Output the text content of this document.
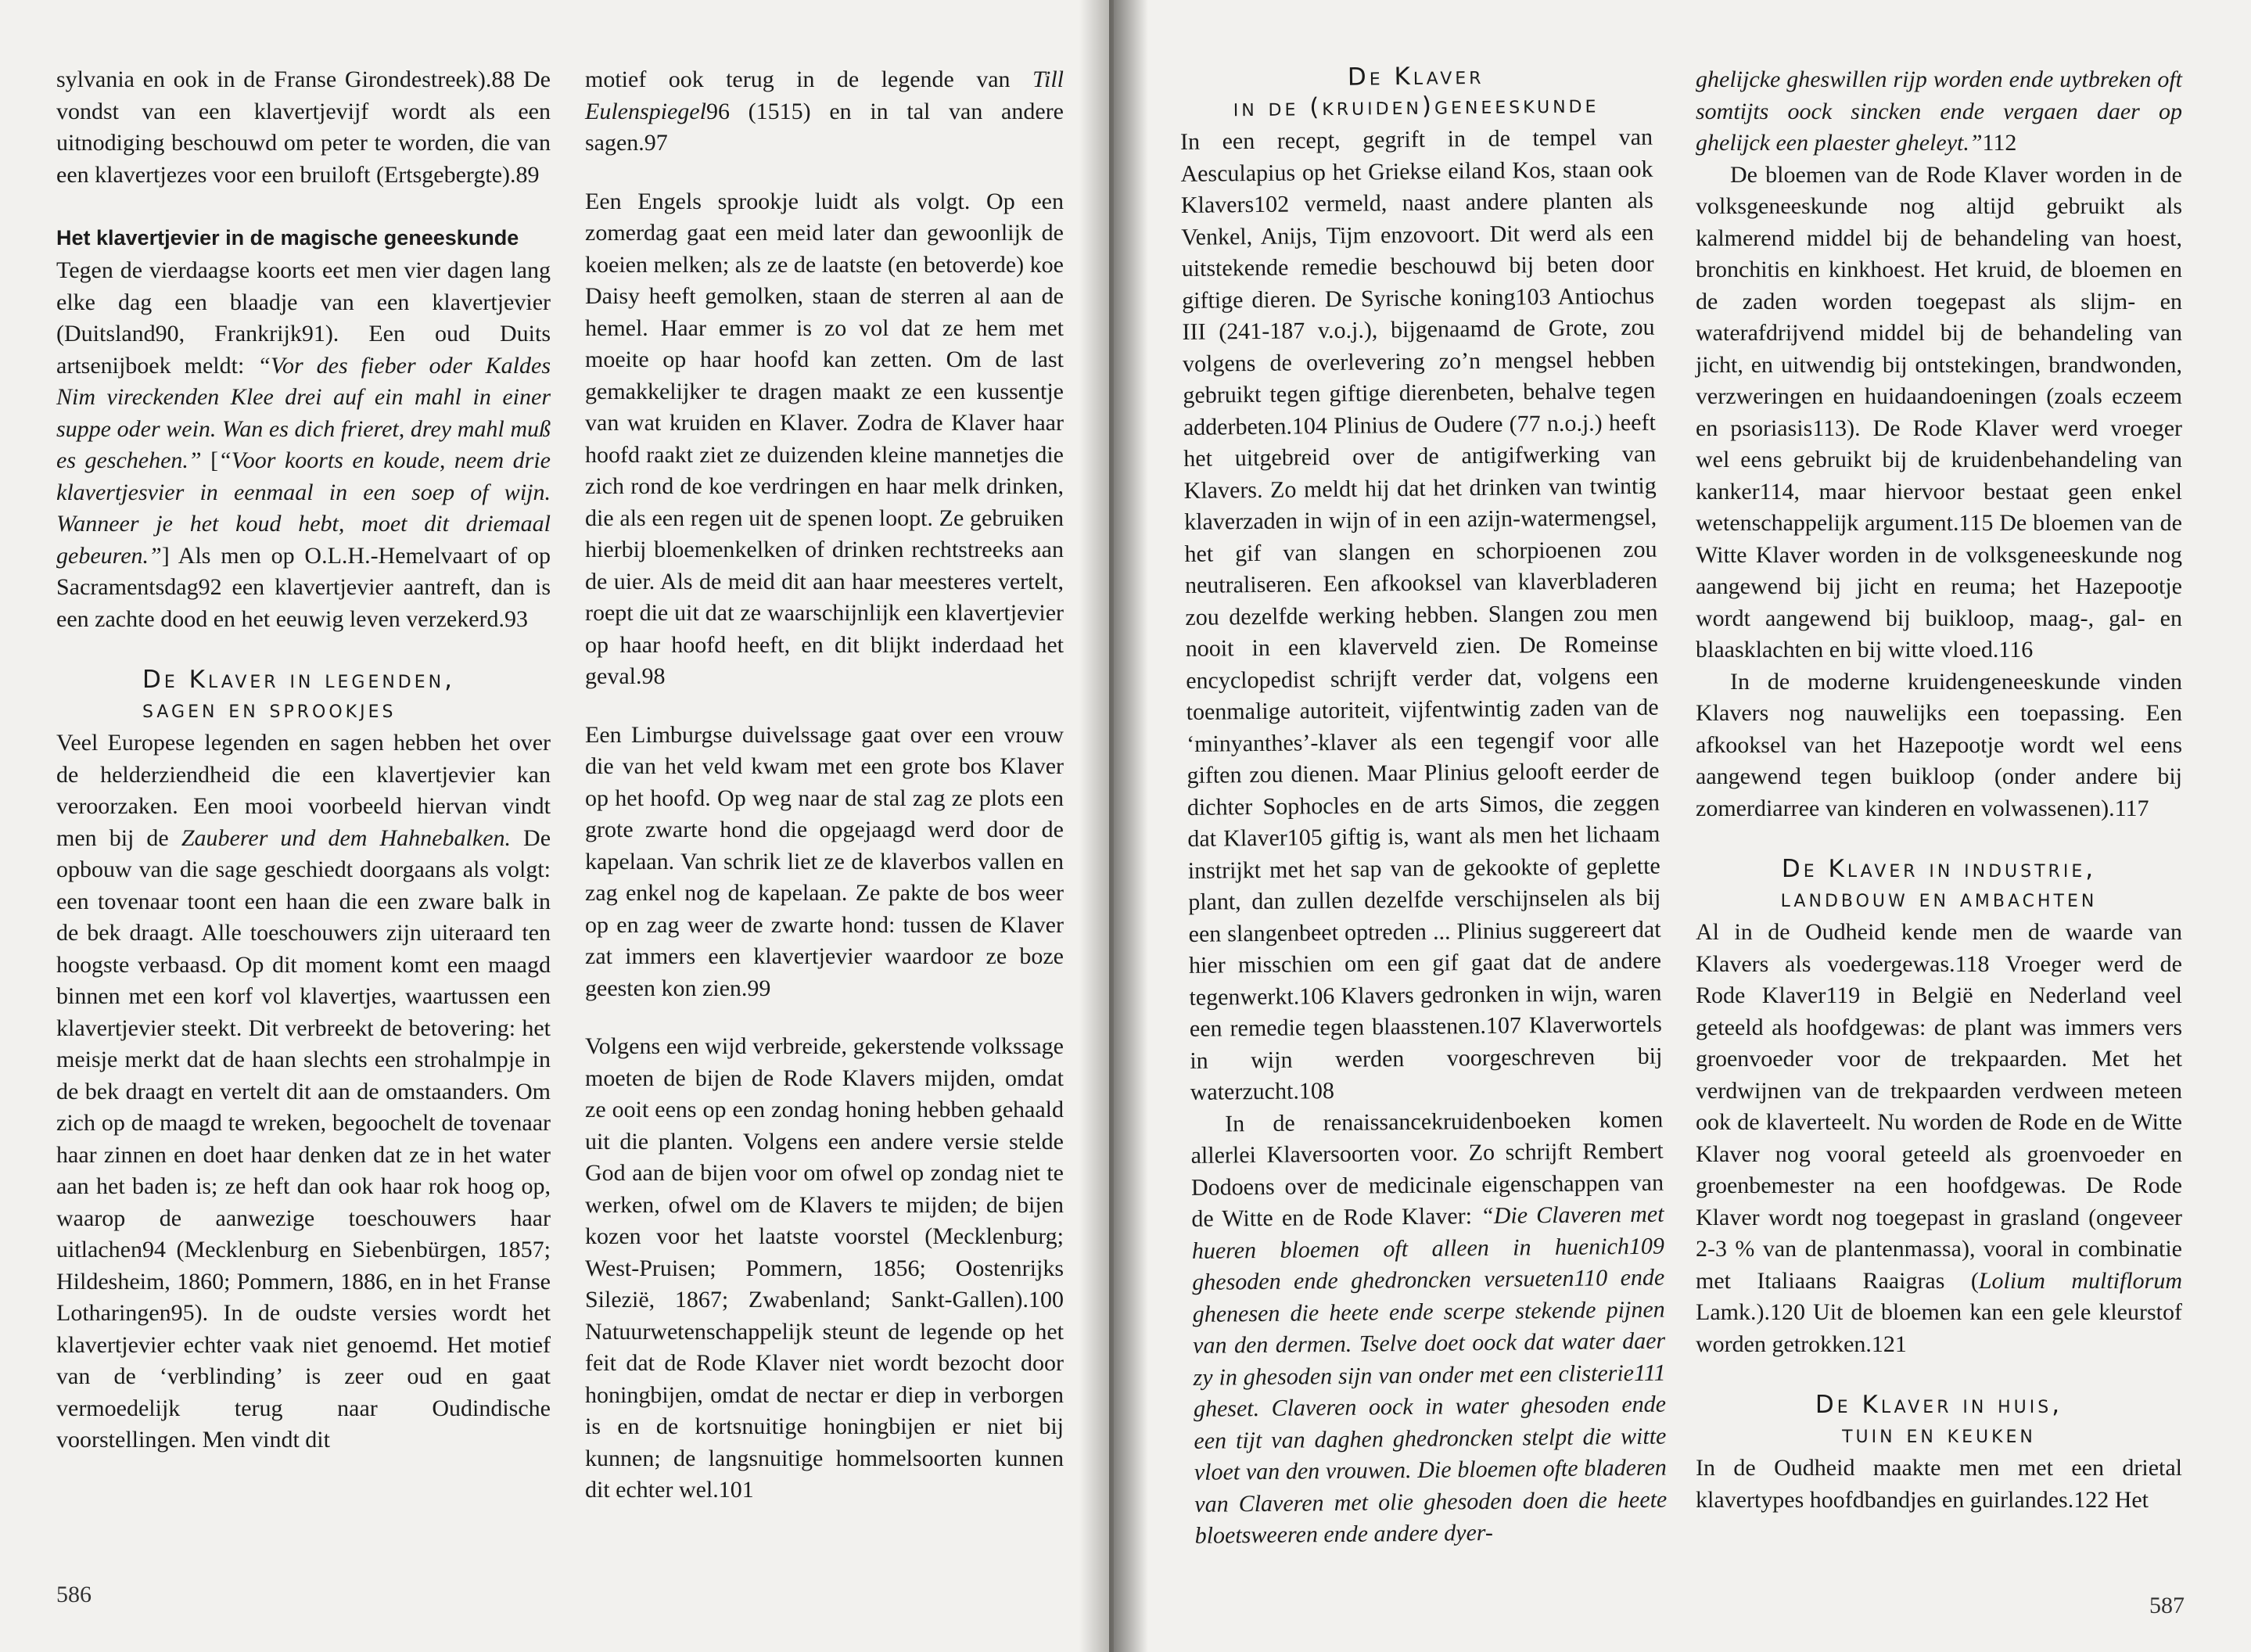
sylvania en ook in de Franse Girondestreek).88 De vondst van een klavertjevijf wordt als een uitnodiging beschouwd om peter te worden, die van een klavertjezes voor een bruiloft (Ertsgebergte).89

Het klavertjevier in de magische geneeskunde

Tegen de vierdaagse koorts eet men vier dagen lang elke dag een blaadje van een klavertjevier (Duitsland90, Frankrijk91). Een oud Duits artsenijboek meldt: “Vor des fieber oder Kaldes Nim vireckenden Klee drei auf ein mahl in einer suppe oder wein. Wan es dich frieret, drey mahl muß es geschehen.” [“Voor koorts en koude, neem drie klavertjesvier in eenmaal in een soep of wijn. Wanneer je het koud hebt, moet dit driemaal gebeuren.”] Als men op O.L.H.-Hemelvaart of op Sacramentsdag92 een klavertjevier aantreft, dan is een zachte dood en het eeuwig leven verzekerd.93

De Klaver in legenden,
sagen en sprookjes

Veel Europese legenden en sagen hebben het over de helderziendheid die een klavertjevier kan veroorzaken. Een mooi voorbeeld hiervan vindt men bij de Zauberer und dem Hahnebalken. De opbouw van die sage geschiedt doorgaans als volgt: een tovenaar toont een haan die een zware balk in de bek draagt. Alle toeschouwers zijn uiteraard ten hoogste verbaasd. Op dit moment komt een maagd binnen met een korf vol klavertjes, waartussen een klavertjevier steekt. Dit verbreekt de betovering: het meisje merkt dat de haan slechts een strohalmpje in de bek draagt en vertelt dit aan de omstaanders. Om zich op de maagd te wreken, begoochelt de tovenaar haar zinnen en doet haar denken dat ze in het water aan het baden is; ze heft dan ook haar rok hoog op, waarop de aanwezige toeschouwers haar uitlachen94 (Mecklenburg en Siebenbürgen, 1857; Hildesheim, 1860; Pommern, 1886, en in het Franse Lotharingen95). In de oudste versies wordt het klavertjevier echter vaak niet genoemd. Het motief van de ‘verblinding’ is zeer oud en gaat vermoedelijk terug naar Oudindische voorstellingen. Men vindt dit

motief ook terug in de legende van Till Eulenspiegel96 (1515) en in tal van andere sagen.97

Een Engels sprookje luidt als volgt. Op een zomerdag gaat een meid later dan gewoonlijk de koeien melken; als ze de laatste (en betoverde) koe Daisy heeft gemolken, staan de sterren al aan de hemel. Haar emmer is zo vol dat ze hem met moeite op haar hoofd kan zetten. Om de last gemakkelijker te dragen maakt ze een kussentje van wat kruiden en Klaver. Zodra de Klaver haar hoofd raakt ziet ze duizenden kleine mannetjes die zich rond de koe verdringen en haar melk drinken, die als een regen uit de spenen loopt. Ze gebruiken hierbij bloemenkelken of drinken rechtstreeks aan de uier. Als de meid dit aan haar meesteres vertelt, roept die uit dat ze waarschijnlijk een klavertjevier op haar hoofd heeft, en dit blijkt inderdaad het geval.98

Een Limburgse duivelssage gaat over een vrouw die van het veld kwam met een grote bos Klaver op het hoofd. Op weg naar de stal zag ze plots een grote zwarte hond die opgejaagd werd door de kapelaan. Van schrik liet ze de klaverbos vallen en zag enkel nog de kapelaan. Ze pakte de bos weer op en zag weer de zwarte hond: tussen de Klaver zat immers een klavertjevier waardoor ze boze geesten kon zien.99

Volgens een wijd verbreide, gekerstende volkssage moeten de bijen de Rode Klavers mijden, omdat ze ooit eens op een zondag honing hebben gehaald uit die planten. Volgens een andere versie stelde God aan de bijen voor om ofwel op zondag niet te werken, ofwel om de Klavers te mijden; de bijen kozen voor het laatste voorstel (Mecklenburg; West-Pruisen; Pommern, 1856; Oostenrijks Silezië, 1867; Zwabenland; Sankt-Gallen).100 Natuurwetenschappelijk steunt de legende op het feit dat de Rode Klaver niet wordt bezocht door honingbijen, omdat de nectar er diep in verborgen is en de kortsnuitige honingbijen er niet bij kunnen; de langsnuitige hommelsoorten kunnen dit echter wel.101

586
De Klaver
in de (kruiden)geneeskunde

In een recept, gegrift in de tempel van Aesculapius op het Griekse eiland Kos, staan ook Klavers102 vermeld, naast andere planten als Venkel, Anijs, Tijm enzovoort. Dit werd als een uitstekende remedie beschouwd bij beten door giftige dieren. De Syrische koning103 Antiochus III (241-187 v.o.j.), bijgenaamd de Grote, zou volgens de overlevering zo’n mengsel hebben gebruikt tegen giftige dierenbeten, behalve tegen adderbeten.104 Plinius de Oudere (77 n.o.j.) heeft het uitgebreid over de antigifwerking van Klavers. Zo meldt hij dat het drinken van twintig klaverzaden in wijn of in een azijn-watermengsel, het gif van slangen en schorpioenen zou neutraliseren. Een afkooksel van klaverbladeren zou dezelfde werking hebben. Slangen zou men nooit in een klaverveld zien. De Romeinse encyclopedist schrijft verder dat, volgens een toenmalige autoriteit, vijfentwintig zaden van de ‘minyanthes’-klaver als een tegengif voor alle giften zou dienen. Maar Plinius gelooft eerder de dichter Sophocles en de arts Simos, die zeggen dat Klaver105 giftig is, want als men het lichaam instrijkt met het sap van de gekookte of geplette plant, dan zullen dezelfde verschijnselen als bij een slangenbeet optreden ... Plinius suggereert dat hier misschien om een gif gaat dat de andere tegenwerkt.106 Klavers gedronken in wijn, waren een remedie tegen blaasstenen.107 Klaverwortels in wijn werden voorgeschreven bij waterzucht.108

In de renaissancekruidenboeken komen allerlei Klaversoorten voor. Zo schrijft Rembert Dodoens over de medicinale eigenschappen van de Witte en de Rode Klaver: “Die Claveren met hueren bloemen oft alleen in huenich109 ghesoden ende ghedroncken versueten110 ende ghenesen die heete ende scerpe stekende pijnen van den dermen. Tselve doet oock dat water daer zy in ghesoden sijn van onder met een clisterie111 gheset. Claveren oock in water ghesoden ende een tijt van daghen ghedroncken stelpt die witte vloet van den vrouwen. Die bloemen ofte bladeren van Claveren met olie ghesoden doen die heete bloetsweeren ende andere dyer-

ghelijcke gheswillen rijp worden ende uytbreken oft somtijts oock sincken ende vergaen daer op ghelijck een plaester gheleyt.”112

De bloemen van de Rode Klaver worden in de volksgeneeskunde nog altijd gebruikt als kalmerend middel bij de behandeling van hoest, bronchitis en kinkhoest. Het kruid, de bloemen en de zaden worden toegepast als slijm- en waterafdrijvend middel bij de behandeling van jicht, en uitwendig bij ontstekingen, brandwonden, verzweringen en huidaandoeningen (zoals eczeem en psoriasis113). De Rode Klaver werd vroeger wel eens gebruikt bij de kruidenbehandeling van kanker114, maar hiervoor bestaat geen enkel wetenschappelijk argument.115 De bloemen van de Witte Klaver worden in de volksgeneeskunde nog aangewend bij jicht en reuma; het Hazepootje wordt aangewend bij buikloop, maag-, gal- en blaasklachten en bij witte vloed.116

In de moderne kruidengeneeskunde vinden Klavers nog nauwelijks een toepassing. Een afkooksel van het Hazepootje wordt wel eens aangewend tegen buikloop (onder andere bij zomerdiarree van kinderen en volwassenen).117

De Klaver in industrie,
landbouw en ambachten

Al in de Oudheid kende men de waarde van Klavers als voedergewas.118 Vroeger werd de Rode Klaver119 in België en Nederland veel geteeld als hoofdgewas: de plant was immers vers groenvoeder voor de trekpaarden. Met het verdwijnen van de trekpaarden verdween meteen ook de klaverteelt. Nu worden de Rode en de Witte Klaver nog vooral geteeld als groenvoeder en groenbemester na een hoofdgewas. De Rode Klaver wordt nog toegepast in grasland (ongeveer 2-3 % van de plantenmassa), vooral in combinatie met Italiaans Raaigras (Lolium multiflorum Lamk.).120 Uit de bloemen kan een gele kleurstof worden getrokken.121

De Klaver in huis,
tuin en keuken

In de Oudheid maakte men met een drietal klavertypes hoofdbandjes en guirlandes.122 Het

587
